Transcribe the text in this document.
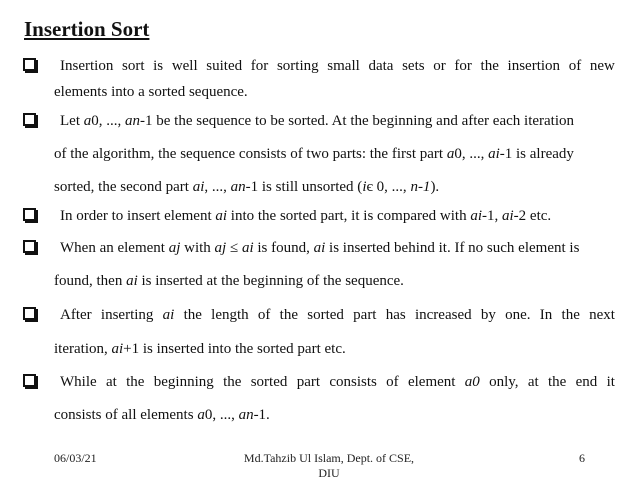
Insertion Sort
Insertion sort is well suited for sorting small data sets or for the insertion of new
elements into a sorted sequence.
Let a0, ..., an-1 be the sequence to be sorted. At the beginning and after each iteration
of the algorithm, the sequence consists of two parts: the first part a0, ..., ai-1 is already
sorted, the second part ai, ..., an-1 is still unsorted (iє 0, ..., n-1).
In order to insert element ai into the sorted part, it is compared with ai-1, ai-2 etc.
When an element aj with aj ≤ ai is found, ai is inserted behind it. If no such element is
found, then ai is inserted at the beginning of the sequence.
After inserting ai the length of the sorted part has increased by one. In the next
iteration, ai+1 is inserted into the sorted part etc.
While at the beginning the sorted part consists of element a0 only, at the end it
consists of all elements a0, ..., an-1.
06/03/21	Md.Tahzib Ul Islam, Dept. of CSE,
DIU
6
